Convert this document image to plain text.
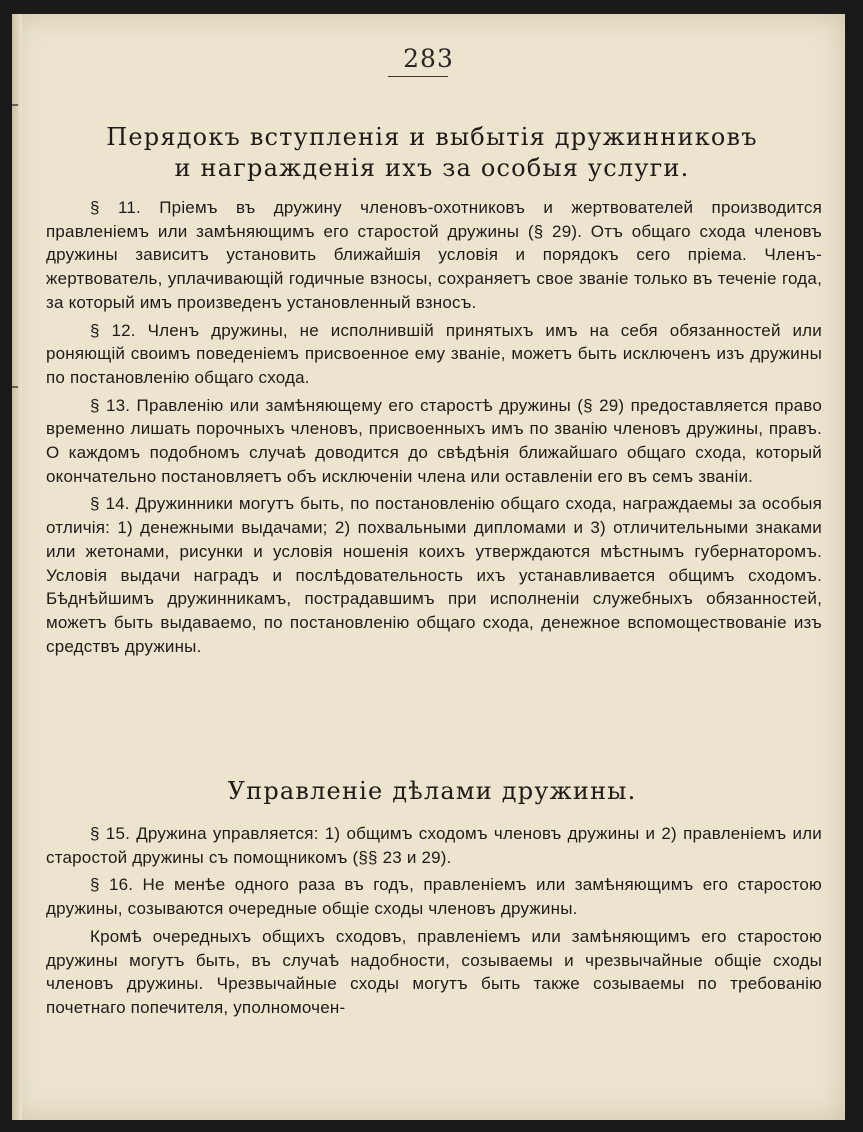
283
Перядокъ вступленія и выбытія дружинниковъ
и награжденія ихъ за особыя услуги.

§ 11. Пріемъ въ дружину членовъ-охотниковъ и жертвователей производится правленіемъ или замѣняющимъ его старостой дружины (§ 29). Отъ общаго схода членовъ дружины зависитъ установить ближайшія условія и порядокъ сего пріема. Членъ-жертвователь, уплачивающій годичные взносы, сохраняетъ свое званіе только въ теченіе года, за который имъ произведенъ установленный взносъ.

§ 12. Членъ дружины, не исполнившій принятыхъ имъ на себя обязанностей или роняющій своимъ поведеніемъ присвоенное ему званіе, можетъ быть исключенъ изъ дружины по постановленію общаго схода.

§ 13. Правленію или замѣняющему его старостѣ дружины (§ 29) предоставляется право временно лишать порочныхъ членовъ, присвоенныхъ имъ по званію членовъ дружины, правъ. О каждомъ подобномъ случаѣ доводится до свѣдѣнія ближайшаго общаго схода, который окончательно постановляетъ объ исключеніи члена или оставленіи его въ семъ званіи.

§ 14. Дружинники могутъ быть, по постановленію общаго схода, награждаемы за особыя отличія: 1) денежными выдачами; 2) похвальными дипломами и 3) отличительными знаками или жетонами, рисунки и условія ношенія коихъ утверждаются мѣстнымъ губернаторомъ. Условія выдачи наградъ и послѣдовательность ихъ устанавливается общимъ сходомъ. Бѣднѣйшимъ дружинникамъ, пострадавшимъ при исполненіи служебныхъ обязанностей, можетъ быть выдаваемо, по постановленію общаго схода, денежное вспомоществованіе изъ средствъ дружины.

Управленіе дѣлами дружины.

§ 15. Дружина управляется: 1) общимъ сходомъ членовъ дружины и 2) правленіемъ или старостой дружины съ помощникомъ (§§ 23 и 29).

§ 16. Не менѣе одного раза въ годъ, правленіемъ или замѣняющимъ его старостою дружины, созываются очередные общіе сходы членовъ дружины.

Кромѣ очередныхъ общихъ сходовъ, правленіемъ или замѣняющимъ его старостою дружины могутъ быть, въ случаѣ надобности, созываемы и чрезвычайные общіе сходы членовъ дружины. Чрезвычайные сходы могутъ быть также созываемы по требованію почетнаго попечителя, уполномочен-
